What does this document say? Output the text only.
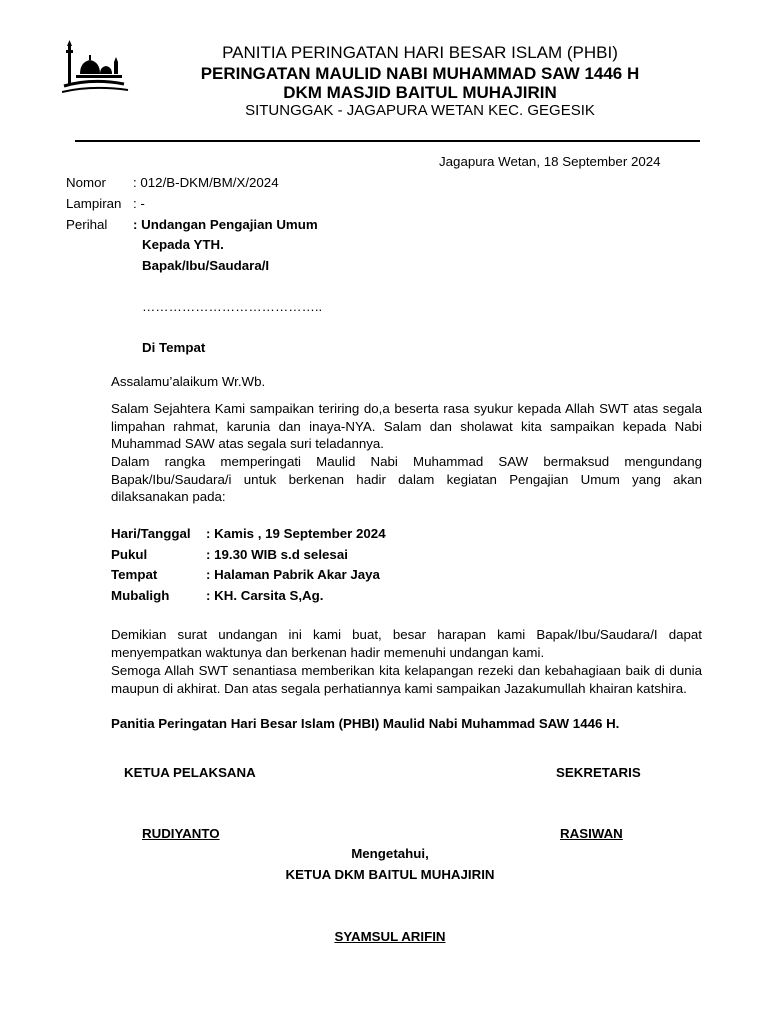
PANITIA PERINGATAN HARI BESAR ISLAM (PHBI)
PERINGATAN MAULID NABI MUHAMMAD SAW 1446 H
DKM MASJID BAITUL MUHAJIRIN
SITUNGGAK - JAGAPURA WETAN KEC. GEGESIK
Jagapura Wetan, 18 September 2024
Nomor : 012/B-DKM/BM/X/2024
Lampiran : -
Perihal : Undangan Pengajian Umum
Kepada YTH.
Bapak/Ibu/Saudara/I
…………………………………..
Di Tempat
Assalamu’alaikum Wr.Wb.

Salam Sejahtera Kami sampaikan teriring do,a beserta rasa syukur kepada Allah SWT atas segala limpahan rahmat, karunia dan inaya-NYA. Salam dan sholawat kita sampaikan kepada Nabi Muhammad SAW atas segala suri teladannya.

Dalam rangka memperingati Maulid Nabi Muhammad SAW bermaksud mengundang Bapak/Ibu/Saudara/i untuk berkenan hadir dalam kegiatan Pengajian Umum yang akan dilaksanakan pada:

Hari/Tanggal : Kamis , 19 September 2024
Pukul	: 19.30 WIB s.d selesai
Tempat	: Halaman Pabrik Akar Jaya
Mubaligh	: KH. Carsita S,Ag.

Demikian surat undangan ini kami buat, besar harapan kami Bapak/Ibu/Saudara/I dapat menyempatkan waktunya dan berkenan hadir memenuhi undangan kami.

Semoga Allah SWT senantiasa memberikan kita kelapangan rezeki dan kebahagiaan baik di dunia maupun di akhirat. Dan atas segala perhatiannya kami sampaikan Jazakumullah khairan katshira.

Panitia Peringatan Hari Besar Islam (PHBI) Maulid Nabi Muhammad SAW 1446 H.
KETUA PELAKSANA	SEKRETARIS
RUDIYANTO	RASIWAN
Mengetahui,
KETUA DKM BAITUL MUHAJIRIN
SYAMSUL ARIFIN
